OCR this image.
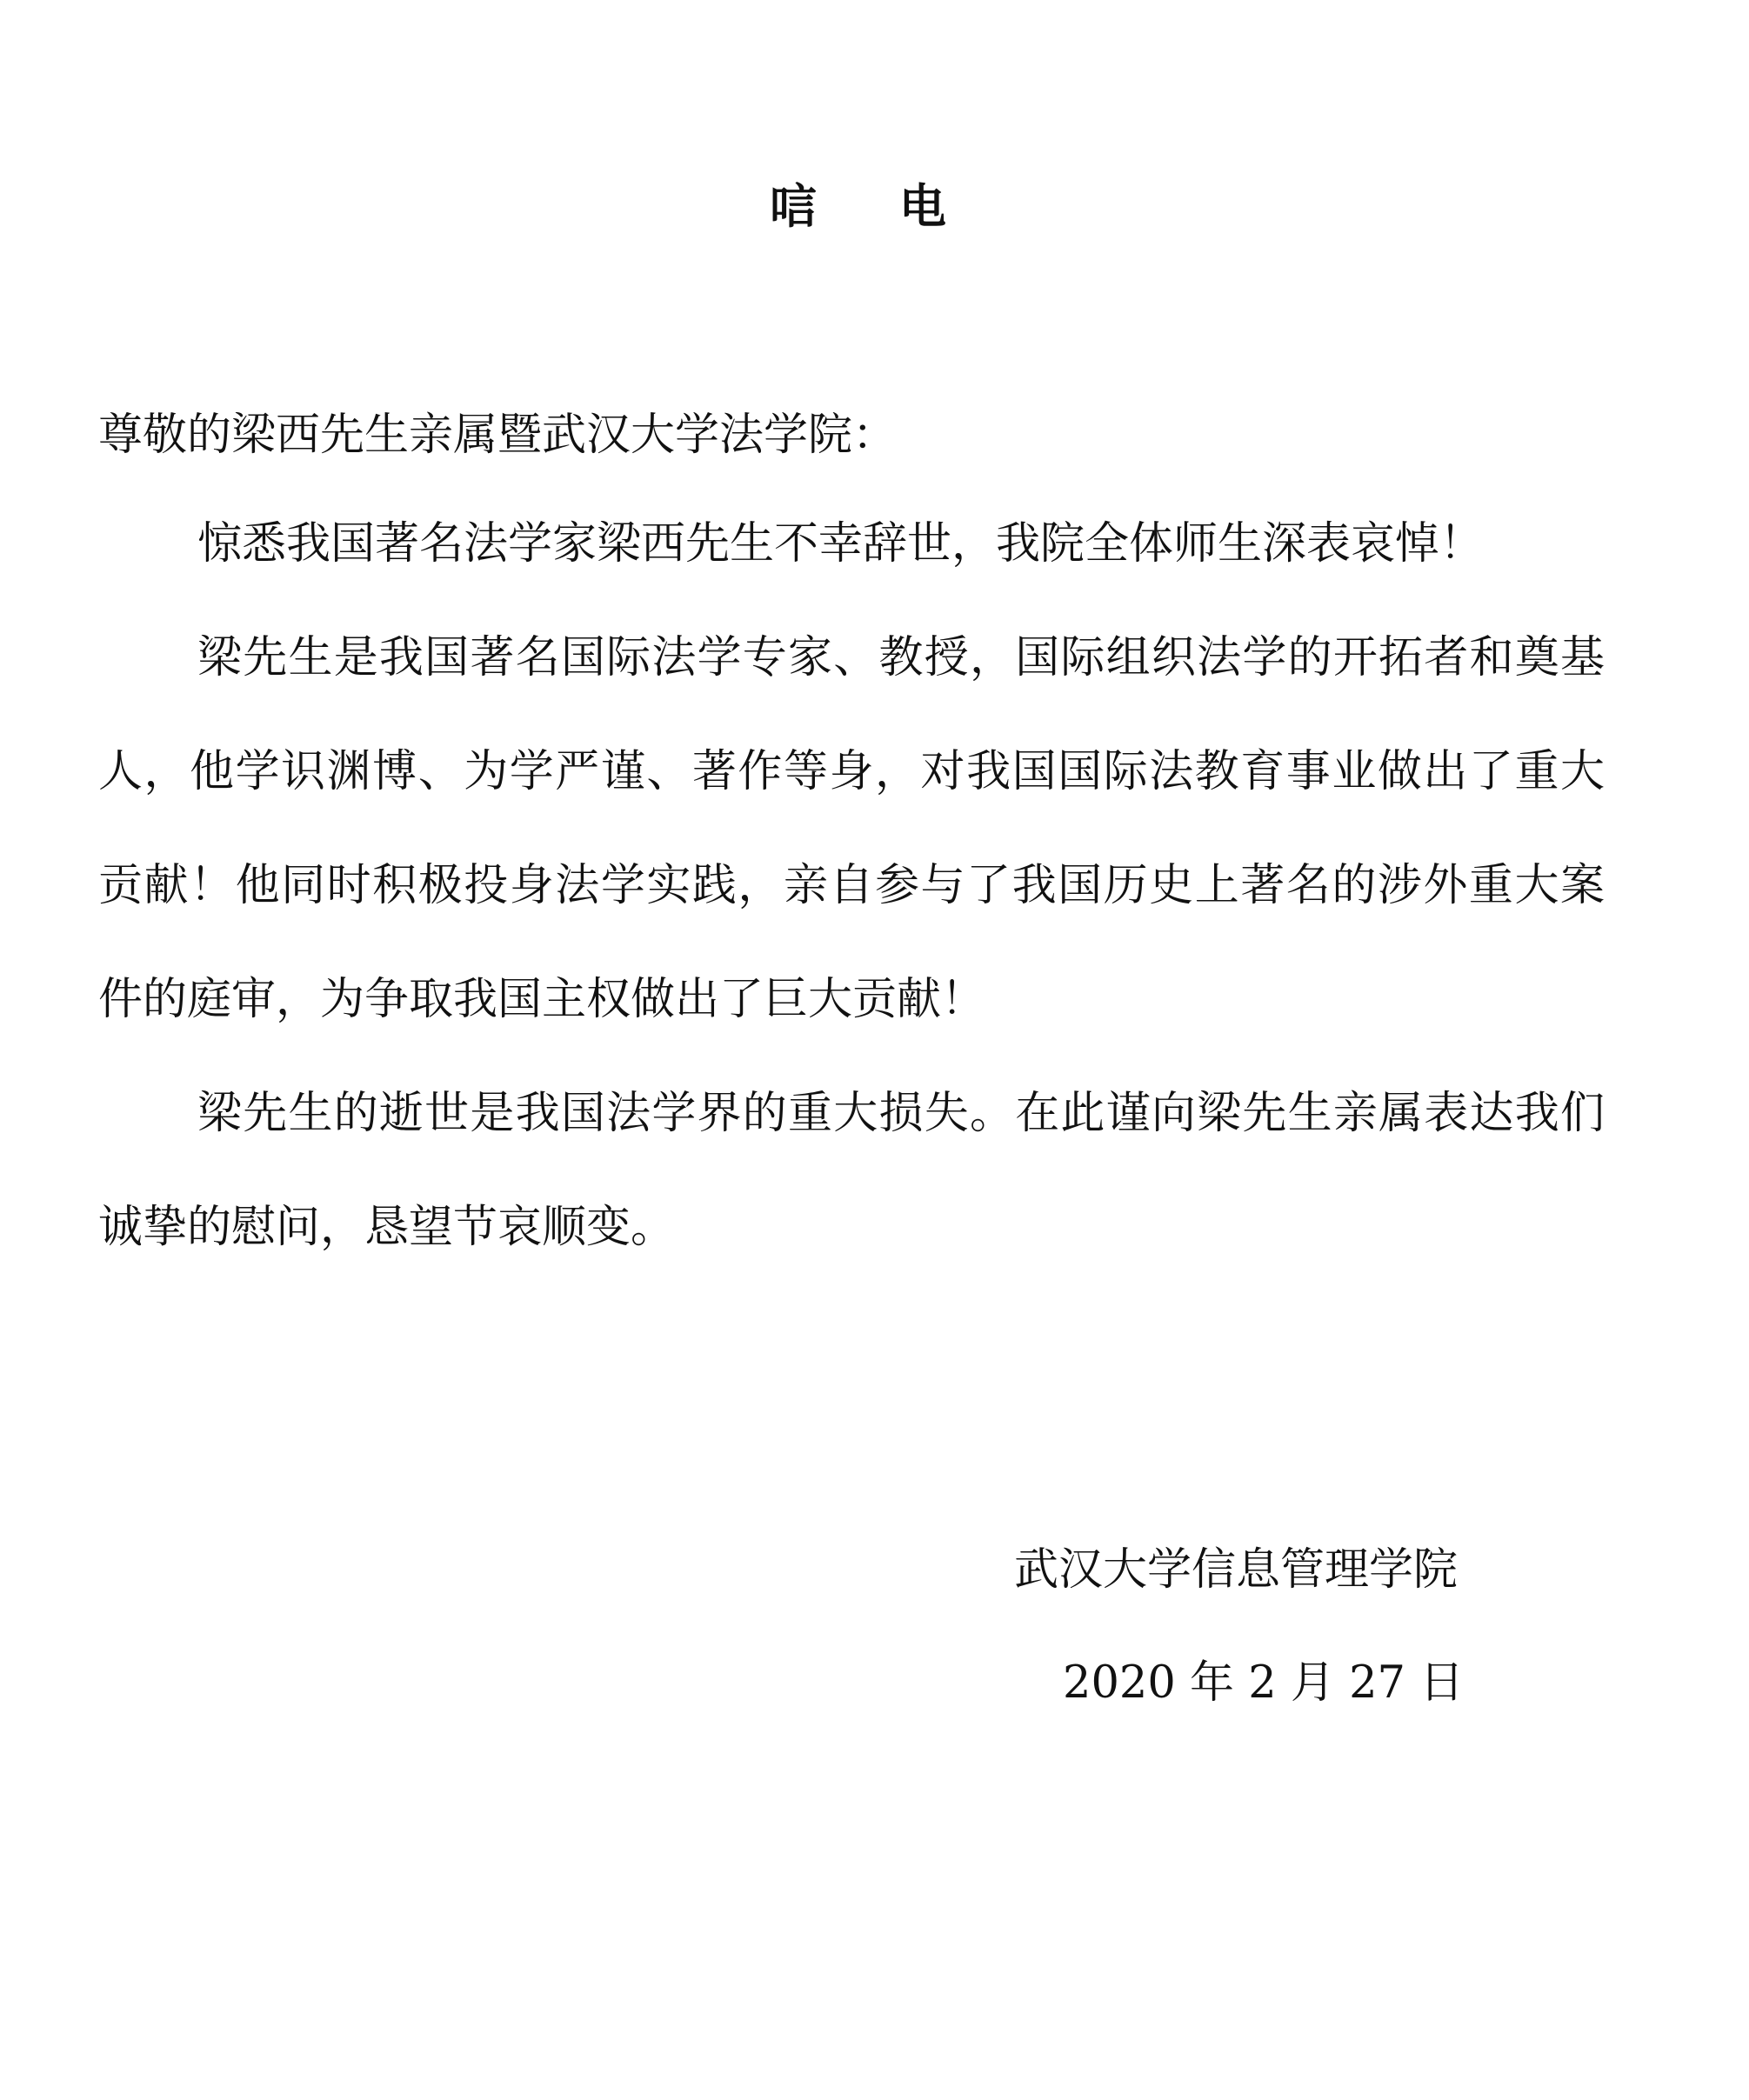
唁 电

尊敬的梁西先生亲属暨武汉大学法学院：

惊悉我国著名法学家梁西先生不幸辞世，我院全体师生深表哀悼！

梁先生是我国著名国际法学专家、教授，国际组织法学的开拓者和奠基人，他学识渊博、为学严谨、著作等身，对我国国际法教育事业做出了重大贡献！他同时积极投身法学实践，亲自参与了我国历史上著名的涉外重大案件的庭审，为争取我国主权做出了巨大贡献！

梁先生的逝世是我国法学界的重大损失。在此谨向梁先生亲属表达我们诚挚的慰问，恳望节哀顺变。

武汉大学信息管理学院

2020 年 2 月 27 日
